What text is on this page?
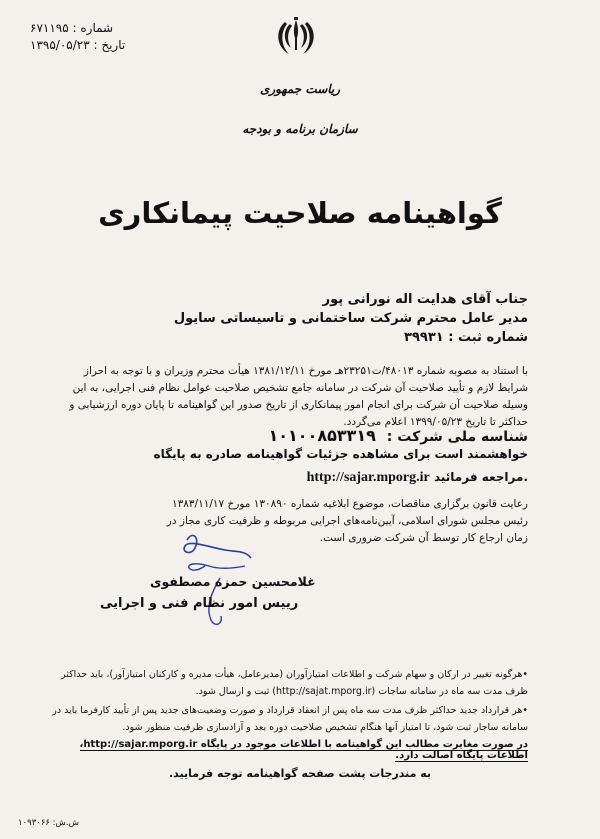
شماره : ۶۷۱۱۹۵
تاریخ : ۱۳۹۵/۰۵/۲۳
ریاست جمهوری
سازمان برنامه و بودجه
گواهینامه صلاحیت پیمانکاری
جناب آقای هدایت اله نورانی پور
مدیر عامل محترم شرکت ساختمانی و تاسیساتی سایول
شماره ثبت : ۳۹۹۳۱
با استناد به مصوبه شماره ۴۸۰۱۳/ت۲۳۲۵۱هـ مورخ ۱۳۸۱/۱۲/۱۱ هیأت محترم وزیران و با توجه به احراز شرایط لازم و تأیید صلاحیت آن شرکت در سامانه جامع تشخیص صلاحیت عوامل نظام فنی اجرایی، به این وسیله صلاحیت آن شرکت برای انجام امور پیمانکاری از تاریخ صدور این گواهینامه تا پایان دوره ارزشیابی و حداکثر تا تاریخ ۱۳۹۹/۰۵/۲۳ اعلام می‌گردد.
شناسه ملی شرکت : ۱۰۱۰۰۸۵۳۳۱۹
خواهشمند است برای مشاهده جزئیات گواهینامه صادره به پایگاه
http://sajar.mporg.ir مراجعه فرمائید.
رعایت قانون برگزاری مناقصات، موضوع ابلاغیه شماره ۱۳۰۸۹۰ مورخ ۱۳۸۳/۱۱/۱۷ رئیس مجلس شورای اسلامی، آیین‌نامه‌های اجرایی مربوطه و ظرفیت کاری مجاز در زمان ارجاع کار توسط آن شرکت ضروری است.
غلامحسین حمزه مصطفوی
رییس امور نظام فنی و اجرایی
•هرگونه تغییر در ارکان و سهام شرکت و اطلاعات امتیازآوران (مدیرعامل، هیأت مدیره و کارکنان امتیازآور)، باید حداکثر ظرف مدت سه ماه در سامانه ساجات (http://sajat.mporg.ir) ثبت و ارسال شود.
•هر قرارداد جدید حداکثر ظرف مدت سه ماه پس از انعقاد قرارداد و صورت وضعیت‌های جدید پس از تأیید کارفرما باید در سامانه ساجار ثبت شود، تا امتیاز آنها هنگام تشخیص صلاحیت دوره بعد و آزادسازی ظرفیت منظور شود.
در صورت مغایرت مطالب این گواهینامه با اطلاعات موجود در پایگاه http://sajar.mporg.ir، اطلاعات پایگاه اصالت دارد.
به مندرجات پشت صفحه گواهینامه توجه فرمایید.
ش.ش: ۱۰۹۳۰۶۶
